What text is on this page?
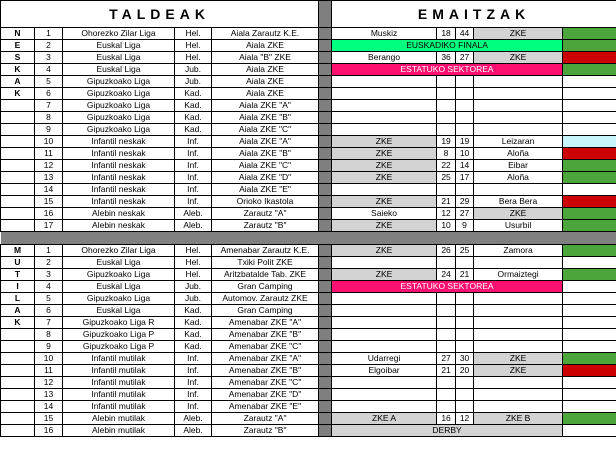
TALDEAK						EMAITZAK				
N	1	Ohorezko Zilar Liga	Hel.	Aiala Zarautz K.E.		Muskiz	18	44	ZKE	
E	2	Euskal Liga	Hel.	Aiala ZKE		EUSKADIKO FINALA				
S	3	Euskal Liga	Hel.	Aiala "B" ZKE		Berango	36	27	ZKE	
K	4	Euskal Liga	Jub.	Aiala ZKE		ESTATUKO SEKTOREA				
A	5	Gipuzkoako Liga	Jub.	Aiala ZKE						
K	6	Gipuzkoako Liga	Kad.	Aiala ZKE						
	7	Gipuzkoako Liga	Kad.	Aiala ZKE "A"						
	8	Gipuzkoako Liga	Kad.	Aiala ZKE "B"						
	9	Gipuzkoako Liga	Kad.	Aiala ZKE "C"						
	10	Infantil neskak	Inf.	Aiala ZKE "A"		ZKE	19	19	Leizaran	
	11	Infantil neskak	Inf.	Aiala ZKE "B"		ZKE	8	10	Aloña	
	12	Infantil neskak	Inf.	Aiala ZKE "C"		ZKE	22	14	Eibar	
	13	Infantil neskak	Inf.	Aiala ZKE "D"		ZKE	25	17	Aloña	
	14	Infantil neskak	Inf.	Aiala ZKE "E"						
	15	Infantil neskak	Inf.	Orioko Ikastola		ZKE	21	29	Bera Bera	
	16	Alebin neskak	Aleb.	Zarautz "A"		Saieko	12	27	ZKE	
	17	Alebin neskak	Aleb.	Zarautz "B"		ZKE	10	9	Usurbil	

M	1	Ohorezko Zilar Liga	Hel.	Amenabar Zarautz K.E.		ZKE	26	25	Zamora	
U	2	Euskal Liga	Hel.	Txiki Polit ZKE						
T	3	Gipuzkoako Liga	Hel.	Aritzbatalde Tab. ZKE		ZKE	24	21	Ormaiztegi	
I	4	Euskal Liga	Jub.	Gran Camping		ESTATUKO SEKTOREA				
L	5	Gipuzkoako Liga	Jub.	Automov. Zarautz ZKE						
A	6	Euskal Liga	Kad.	Gran Camping						
K	7	Gipuzkoako Liga R	Kad.	Amenabar ZKE "A"						
	8	Gipuzkoako Liga P	Kad.	Amenabar ZKE "B"						
	9	Gipuzkoako Liga P	Kad.	Amenabar ZKE "C"						
	10	Infantil mutilak	Inf.	Amenabar ZKE "A"		Udarregi	27	30	ZKE	
	11	Infantil mutilak	Inf.	Amenabar ZKE "B"		Elgoibar	21	20	ZKE	
	12	Infantil mutilak	Inf.	Amenabar ZKE "C"						
	13	Infantil mutilak	Inf.	Amenabar ZKE "D"						
	14	Infantil mutilak	Inf.	Amenabar ZKE "E"						
	15	Alebin mutilak	Aleb.	Zarautz "A"		ZKE A	16	12	ZKE B	
	16	Alebin mutilak	Aleb.	Zarautz "B"		DERBY				
